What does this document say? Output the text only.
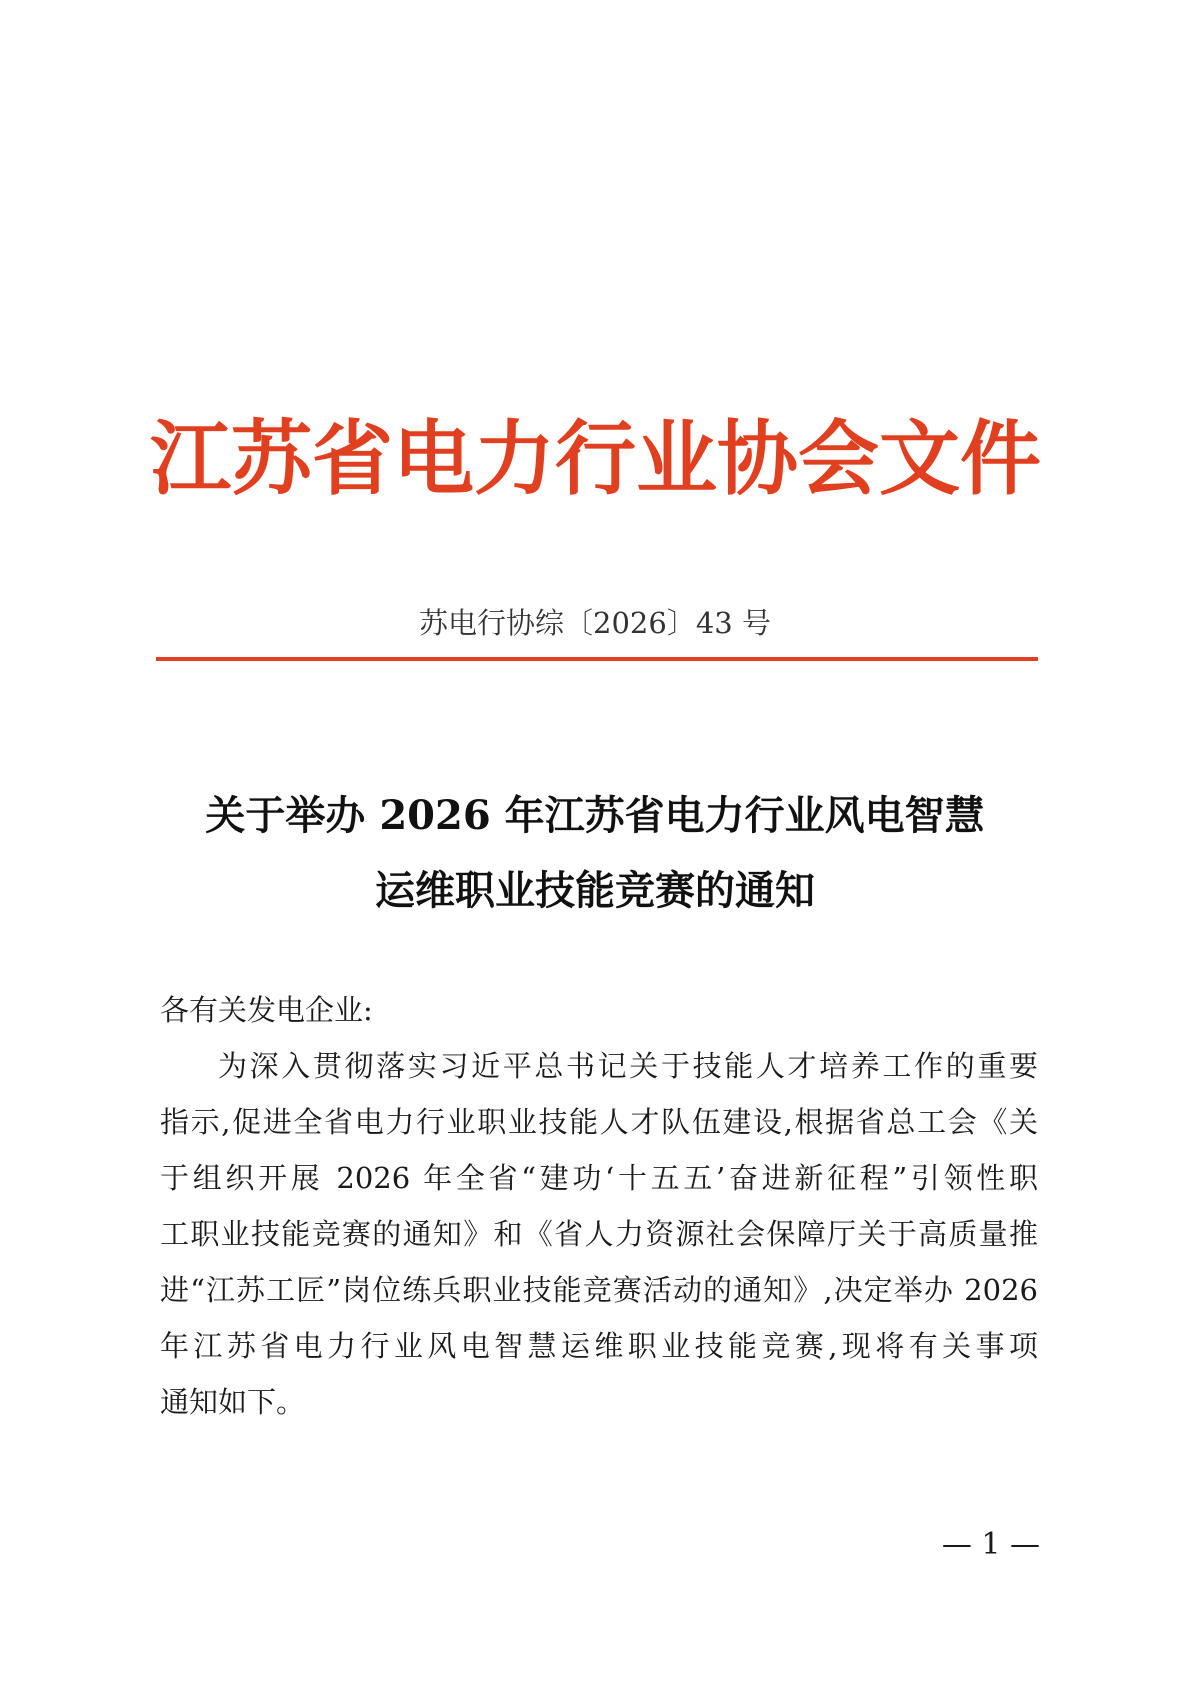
江苏省电力行业协会文件
苏电行协综〔2026〕43 号
关于举办 2026 年江苏省电力行业风电智慧
运维职业技能竞赛的通知
各有关发电企业:
为深入贯彻落实习近平总书记关于技能人才培养工作的重要
指示,促进全省电力行业职业技能人才队伍建设,根据省总工会《关
于组织开展 2026 年全省“建功‘十五五’奋进新征程”引领性职
工职业技能竞赛的通知》和《省人力资源社会保障厅关于高质量推
进“江苏工匠”岗位练兵职业技能竞赛活动的通知》,决定举办 2026
年江苏省电力行业风电智慧运维职业技能竞赛,现将有关事项
通知如下。
— 1 —
